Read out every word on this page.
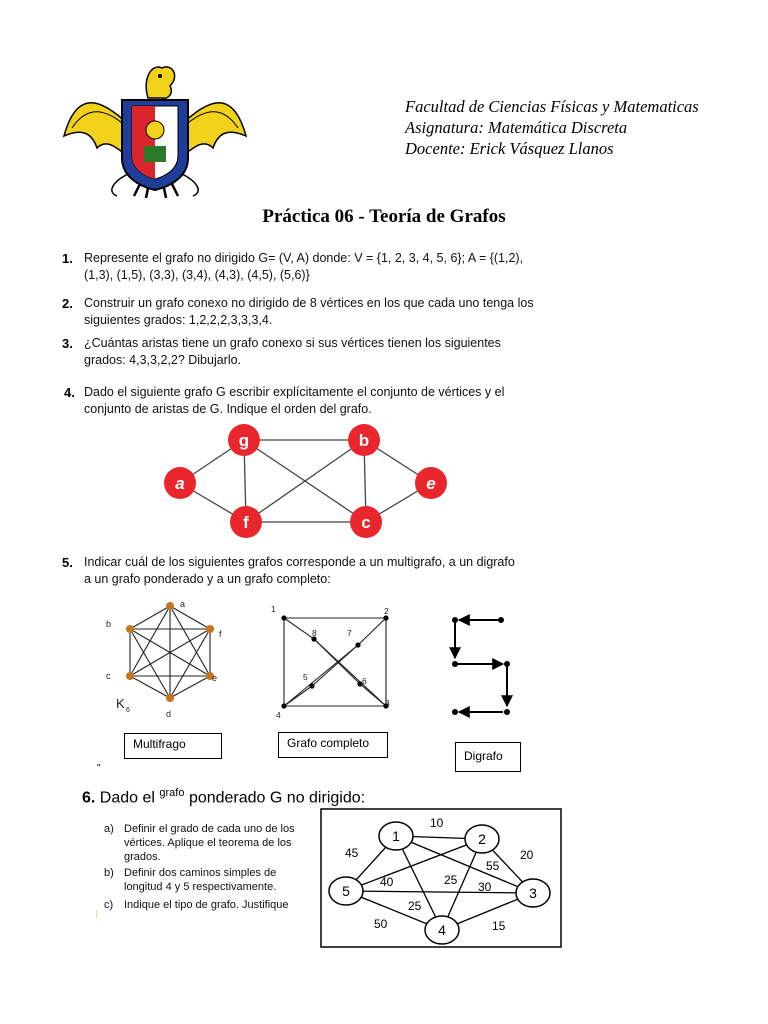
Facultad de Ciencias Físicas y Matematicas
Asignatura: Matemática Discreta
Docente: Erick Vásquez Llanos
Práctica 06 - Teoría de Grafos
1. Represente el grafo no dirigido G= (V, A) donde: V = {1, 2, 3, 4, 5, 6}; A = {(1,2),
(1,3), (1,5), (3,3), (3,4), (4,3), (4,5), (5,6)}
2. Construir un grafo conexo no dirigido de 8 vértices en los que cada uno tenga los
siguientes grados: 1,2,2,2,3,3,3,4.
3. ¿Cuántas aristas tiene un grafo conexo si sus vértices tienen los siguientes
grados: 4,3,3,2,2? Dibujarlo.
4. Dado el siguiente grafo G escribir explícitamente el conjunto de vértices y el
conjunto de aristas de G. Indique el orden del grafo.
a
g	b
e
f	c
5. Indicar cuál de los siguientes grafos corresponde a un multigrafo, a un digrafo
a un grafo ponderado y a un grafo completo:
a
b
f
c	e
d
K 6
1	2
8	7
5	6
4
3
Multifrago	Grafo completo
Digrafo
"
6. Dado el $^{grafo}$ ponderado G no dirigido:
a) Definir el grado de cada uno de los
vértices. Aplique el teorema de los
grados.
b) Definir dos caminos simples de
longitud 4 y 5 respectivamente.
c) Indique el tipo de grafo. Justifique
1	2
3
4
5
10
45	20
55
40	25 30
25
50	15
